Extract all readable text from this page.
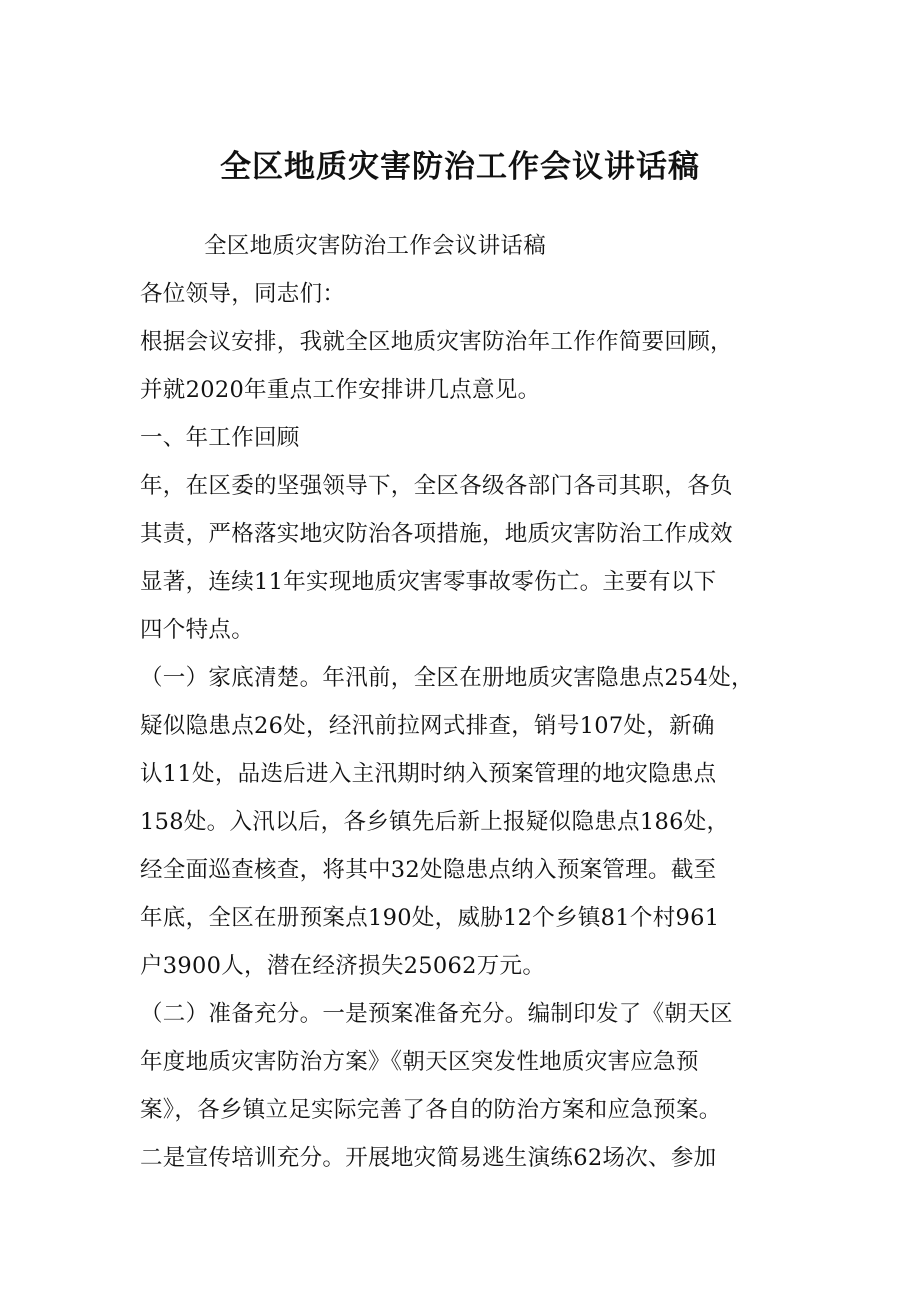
全区地质灾害防治工作会议讲话稿
全区地质灾害防治工作会议讲话稿
各位领导，同志们：
根据会议安排，我就全区地质灾害防治年工作作简要回顾，
并就2020年重点工作安排讲几点意见。
一、年工作回顾
年，在区委的坚强领导下，全区各级各部门各司其职，各负
其责，严格落实地灾防治各项措施，地质灾害防治工作成效
显著，连续11年实现地质灾害零事故零伤亡。主要有以下
四个特点。
（一）家底清楚。年汛前，全区在册地质灾害隐患点254处，
疑似隐患点26处，经汛前拉网式排查，销号107处，新确
认11处，品迭后进入主汛期时纳入预案管理的地灾隐患点
158处。入汛以后，各乡镇先后新上报疑似隐患点186处，
经全面巡查核查，将其中32处隐患点纳入预案管理。截至
年底，全区在册预案点190处，威胁12个乡镇81个村961
户3900人，潜在经济损失25062万元。
（二）准备充分。一是预案准备充分。编制印发了《朝天区
年度地质灾害防治方案》《朝天区突发性地质灾害应急预
案》，各乡镇立足实际完善了各自的防治方案和应急预案。
二是宣传培训充分。开展地灾简易逃生演练62场次、参加
